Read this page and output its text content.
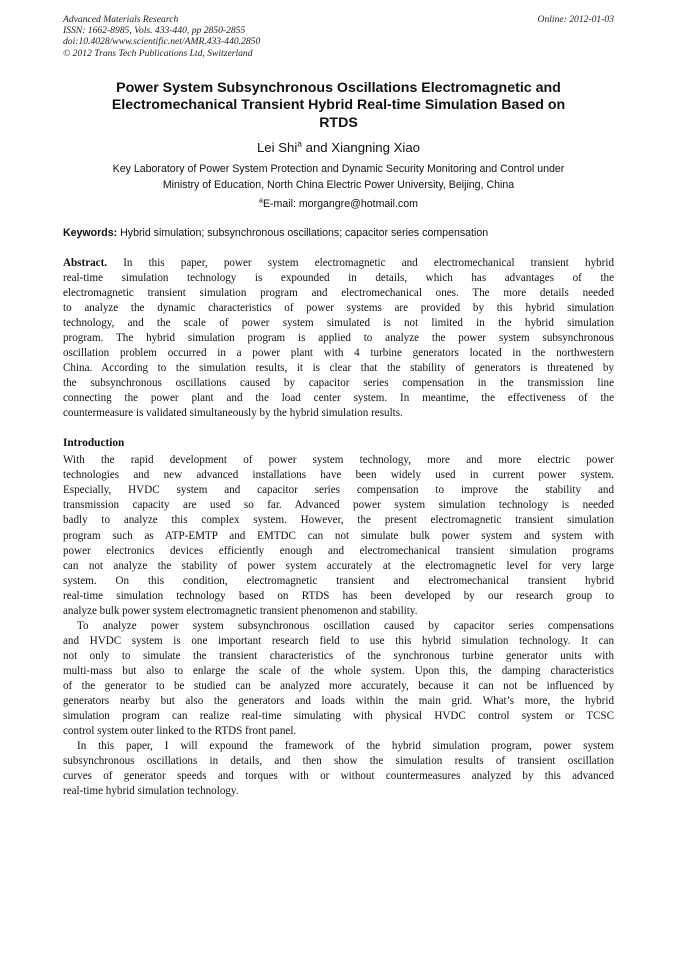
Advanced Materials Research	Online: 2012-01-03
ISSN: 1662-8985, Vols. 433-440, pp 2850-2855
doi:10.4028/www.scientific.net/AMR.433-440.2850
© 2012 Trans Tech Publications Ltd, Switzerland
Power System Subsynchronous Oscillations Electromagnetic and
Electromechanical Transient Hybrid Real-time Simulation Based on
RTDS
Lei Shi$^a$ and Xiangning Xiao
Key Laboratory of Power System Protection and Dynamic Security Monitoring and Control under
Ministry of Education, North China Electric Power University, Beijing, China
$^a$E-mail: morgangre@hotmail.com
Keywords: Hybrid simulation; subsynchronous oscillations; capacitor series compensation
Abstract. In this paper, power system electromagnetic and electromechanical transient hybrid
real-time simulation technology is expounded in details, which has advantages of the
electromagnetic transient simulation program and electromechanical ones. The more details needed
to analyze the dynamic characteristics of power systems are provided by this hybrid simulation
technology, and the scale of power system simulated is not limited in the hybrid simulation
program. The hybrid simulation program is applied to analyze the power system subsynchronous
oscillation problem occurred in a power plant with 4 turbine generators located in the northwestern
China. According to the simulation results, it is clear that the stability of generators is threatened by
the subsynchronous oscillations caused by capacitor series compensation in the transmission line
connecting the power plant and the load center system. In meantime, the effectiveness of the
countermeasure is validated simultaneously by the hybrid simulation results.
Introduction
With the rapid development of power system technology, more and more electric power
technologies and new advanced installations have been widely used in current power system.
Especially, HVDC system and capacitor series compensation to improve the stability and
transmission capacity are used so far. Advanced power system simulation technology is needed
badly to analyze this complex system. However, the present electromagnetic transient simulation
program such as ATP-EMTP and EMTDC can not simulate bulk power system and system with
power electronics devices efficiently enough and electromechanical transient simulation programs
can not analyze the stability of power system accurately at the electromagnetic level for very large
system. On this condition, electromagnetic transient and electromechanical transient hybrid
real-time simulation technology based on RTDS has been developed by our research group to
analyze bulk power system electromagnetic transient phenomenon and stability.
To analyze power system subsynchronous oscillation caused by capacitor series compensations
and HVDC system is one important research field to use this hybrid simulation technology. It can
not only to simulate the transient characteristics of the synchronous turbine generator units with
multi-mass but also to enlarge the scale of the whole system. Upon this, the damping characteristics
of the generator to be studied can be analyzed more accurately, because it can not be influenced by
generators nearby but also the generators and loads within the main grid. What’s more, the hybrid
simulation program can realize real-time simulating with physical HVDC control system or TCSC
control system outer linked to the RTDS front panel.
In this paper, I will expound the framework of the hybrid simulation program, power system
subsynchronous oscillations in details, and then show the simulation results of transient oscillation
curves of generator speeds and torques with or without countermeasures analyzed by this advanced
real-time hybrid simulation technology.
